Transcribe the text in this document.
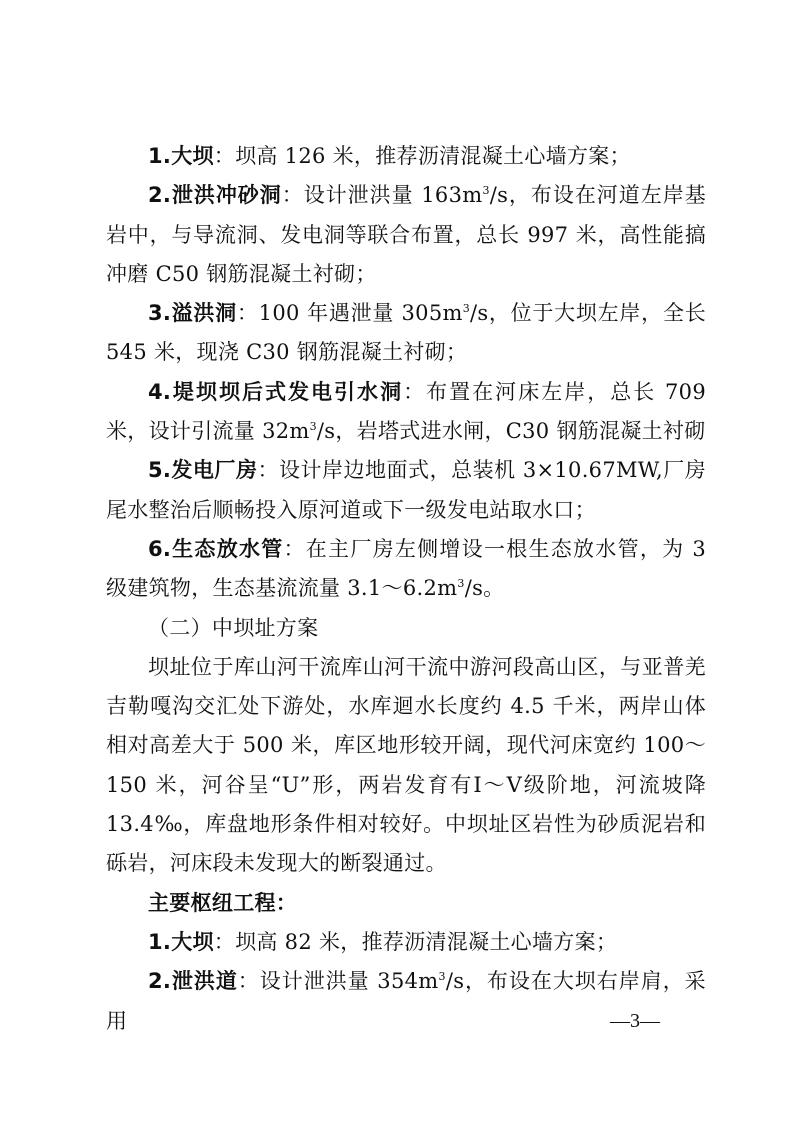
1.大坝：坝高 126 米，推荐沥清混凝土心墙方案；

2.泄洪冲砂洞：设计泄洪量 $163m^3/s$，布设在河道左岸基岩中，与导流洞、发电洞等联合布置，总长 997 米，高性能搞冲磨 C50 钢筋混凝土衬砌；

3.溢洪洞：100 年遇泄量 $305m^3/s$，位于大坝左岸，全长 545 米，现浇 C30 钢筋混凝土衬砌；

4.堤坝坝后式发电引水洞：布置在河床左岸，总长 709 米，设计引流量 $32m^3/s$，岩塔式进水闸，C30 钢筋混凝土衬砌

5.发电厂房：设计岸边地面式，总装机 3×10.67MW,厂房尾水整治后顺畅投入原河道或下一级发电站取水口；

6.生态放水管：在主厂房左侧增设一根生态放水管，为 3 级建筑物，生态基流流量 $3.1\sim 6.2m^3/s$。

（二）中坝址方案

坝址位于库山河干流库山河干流中游河段高山区，与亚普羌吉勒嘎沟交汇处下游处，水库迴水长度约 4.5 千米，两岸山体相对高差大于 500 米，库区地形较开阔，现代河床宽约 100～150 米，河谷呈“U”形，两岩发育有Ⅰ～Ⅴ级阶地，河流坡降 13.4‰，库盘地形条件相对较好。中坝址区岩性为砂质泥岩和砾岩，河床段未发现大的断裂通过。

主要枢纽工程：

1.大坝：坝高 82 米，推荐沥清混凝土心墙方案；

2.泄洪道：设计泄洪量 $354m^3/s$，布设在大坝右岸肩，采用	—3—
